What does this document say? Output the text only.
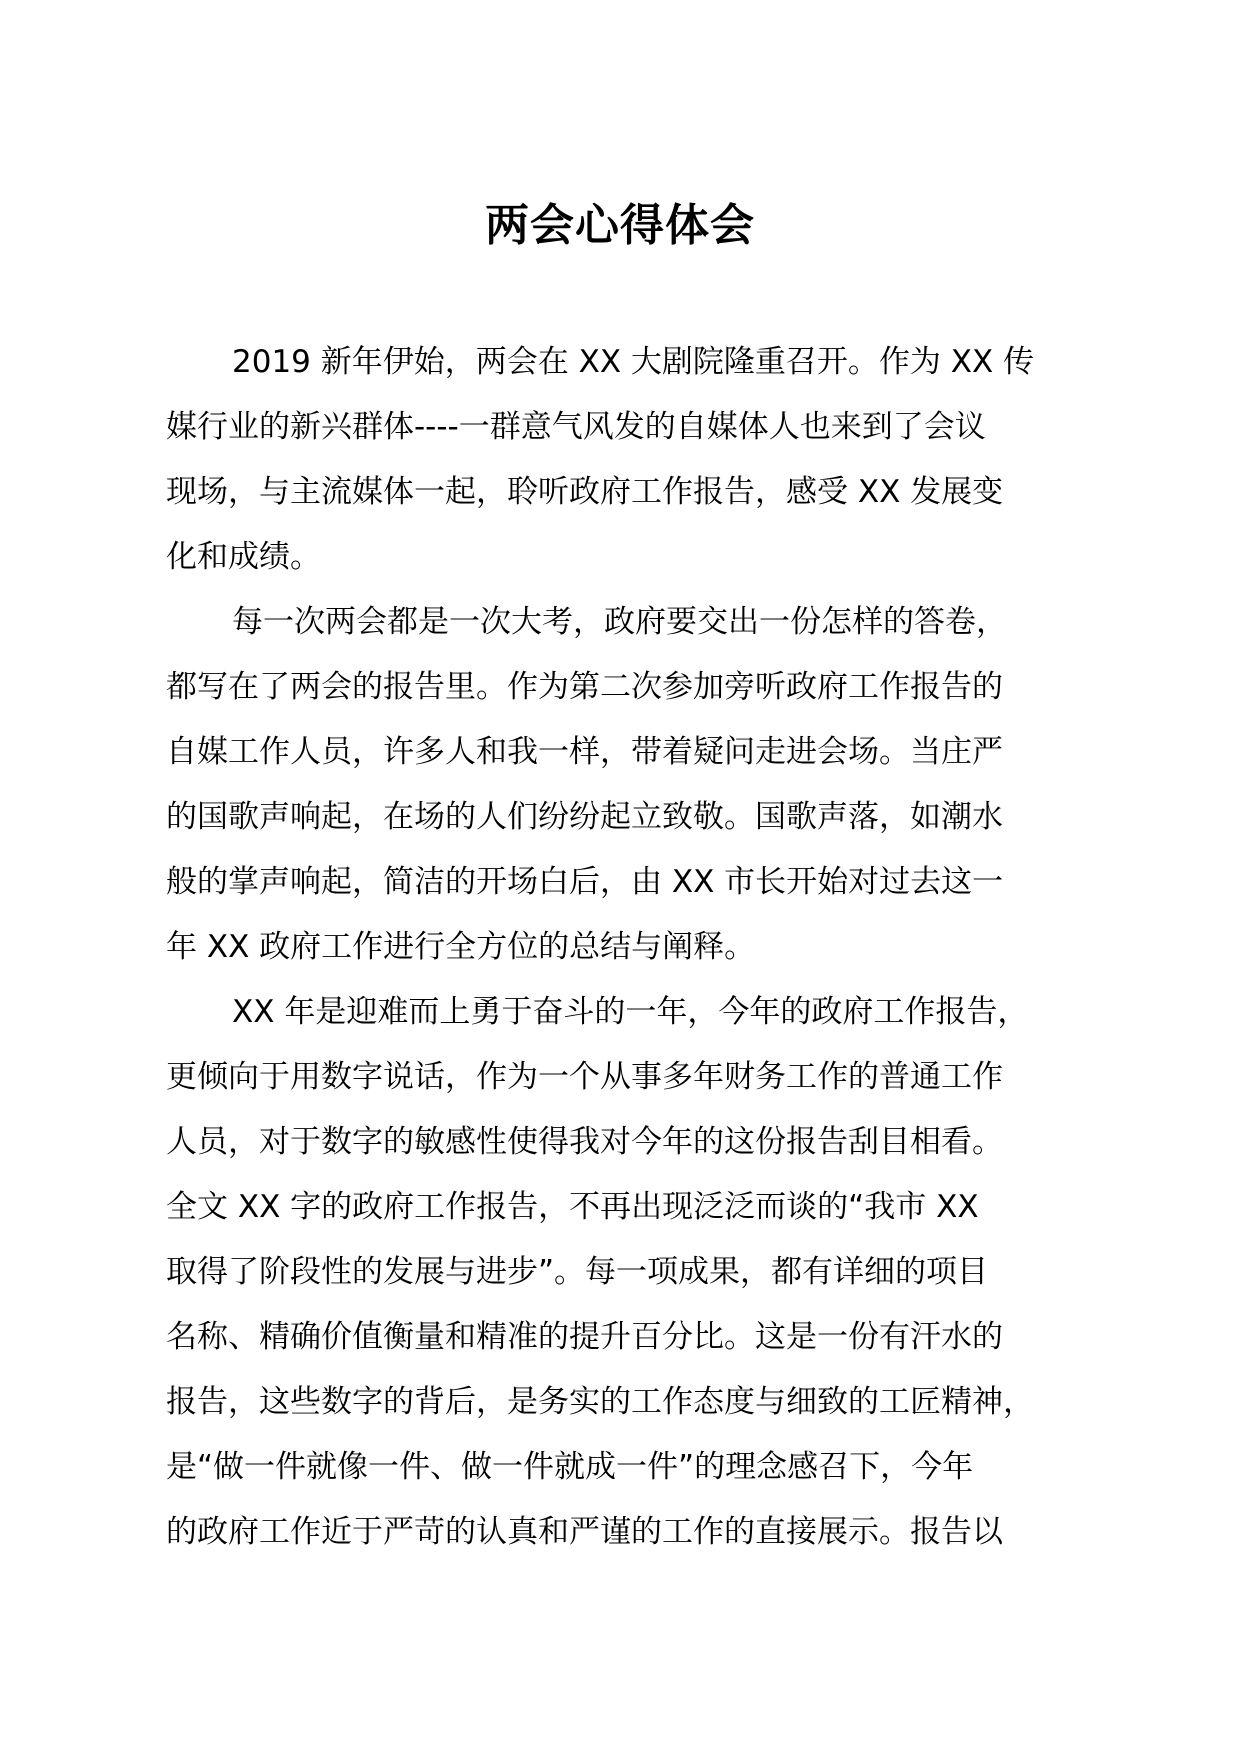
两会心得体会
2019 新年伊始，两会在 XX 大剧院隆重召开。作为 XX 传
媒行业的新兴群体----一群意气风发的自媒体人也来到了会议
现场，与主流媒体一起，聆听政府工作报告，感受 XX 发展变
化和成绩。
每一次两会都是一次大考，政府要交出一份怎样的答卷，
都写在了两会的报告里。作为第二次参加旁听政府工作报告的
自媒工作人员，许多人和我一样，带着疑问走进会场。当庄严
的国歌声响起，在场的人们纷纷起立致敬。国歌声落，如潮水
般的掌声响起，简洁的开场白后，由 XX 市长开始对过去这一
年 XX 政府工作进行全方位的总结与阐释。
XX 年是迎难而上勇于奋斗的一年，今年的政府工作报告，
更倾向于用数字说话，作为一个从事多年财务工作的普通工作
人员，对于数字的敏感性使得我对今年的这份报告刮目相看。
全文 XX 字的政府工作报告，不再出现泛泛而谈的“我市 XX
取得了阶段性的发展与进步”。每一项成果，都有详细的项目
名称、精确价值衡量和精准的提升百分比。这是一份有汗水的
报告，这些数字的背后，是务实的工作态度与细致的工匠精神，
是“做一件就像一件、做一件就成一件”的理念感召下，今年
的政府工作近于严苛的认真和严谨的工作的直接展示。报告以
